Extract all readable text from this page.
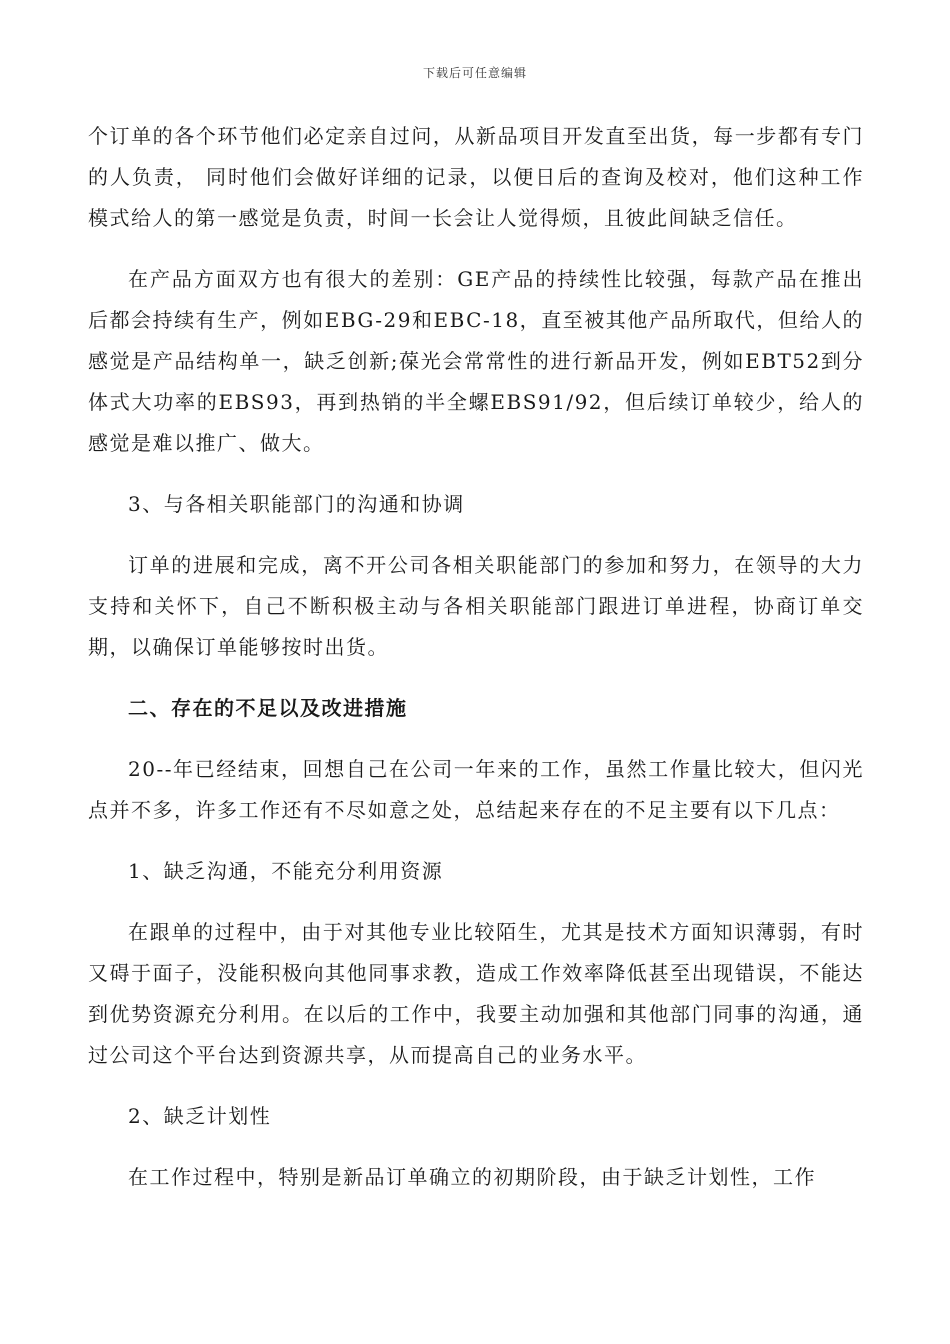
下载后可任意编辑

个订单的各个环节他们必定亲自过问，从新品项目开发直至出货，每一步都有专门的人负责， 同时他们会做好详细的记录，以便日后的查询及校对，他们这种工作模式给人的第一感觉是负责，时间一长会让人觉得烦，且彼此间缺乏信任。

在产品方面双方也有很大的差别：GE产品的持续性比较强，每款产品在推出后都会持续有生产，例如EBG-29和EBC-18，直至被其他产品所取代，但给人的感觉是产品结构单一，缺乏创新;葆光会常常性的进行新品开发，例如EBT52到分体式大功率的EBS93，再到热销的半全螺EBS91/92，但后续订单较少，给人的感觉是难以推广、做大。

3、与各相关职能部门的沟通和协调

订单的进展和完成，离不开公司各相关职能部门的参加和努力，在领导的大力支持和关怀下，自己不断积极主动与各相关职能部门跟进订单进程，协商订单交期，以确保订单能够按时出货。

二、存在的不足以及改进措施

20--年已经结束，回想自己在公司一年来的工作，虽然工作量比较大，但闪光点并不多，许多工作还有不尽如意之处，总结起来存在的不足主要有以下几点：

1、缺乏沟通，不能充分利用资源

在跟单的过程中，由于对其他专业比较陌生，尤其是技术方面知识薄弱，有时又碍于面子，没能积极向其他同事求教，造成工作效率降低甚至出现错误，不能达到优势资源充分利用。在以后的工作中，我要主动加强和其他部门同事的沟通，通过公司这个平台达到资源共享，从而提高自己的业务水平。

2、缺乏计划性

在工作过程中，特别是新品订单确立的初期阶段，由于缺乏计划性，工作
